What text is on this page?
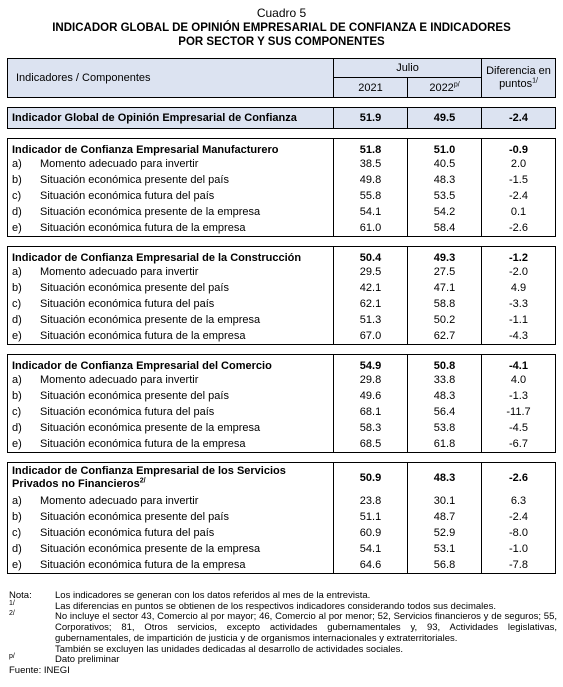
Cuadro 5
INDICADOR GLOBAL DE OPINIÓN EMPRESARIAL DE CONFIANZA E INDICADORES
POR SECTOR Y SUS COMPONENTES
Indicadores / Componentes	Julio		Diferencia en
puntos$^{1/}$
	2021	$2022^{p/}$

Indicador Global de Opinión Empresarial de Confianza	51.9	49.5	-2.4

Indicador de Confianza Empresarial Manufacturero	51.8	51.0	-0.9
a) Momento adecuado para invertir	38.5	40.5	2.0
b) Situación económica presente del país	49.8	48.3	-1.5
c) Situación económica futura del país	55.8	53.5	-2.4
d) Situación económica presente de la empresa	54.1	54.2	0.1
e) Situación económica futura de la empresa	61.0	58.4	-2.6

Indicador de Confianza Empresarial de la Construcción	50.4	49.3	-1.2
a) Momento adecuado para invertir	29.5	27.5	-2.0
b) Situación económica presente del país	42.1	47.1	4.9
c) Situación económica futura del país	62.1	58.8	-3.3
d) Situación económica presente de la empresa	51.3	50.2	-1.1
e) Situación económica futura de la empresa	67.0	62.7	-4.3

Indicador de Confianza Empresarial del Comercio	54.9	50.8	-4.1
a) Momento adecuado para invertir	29.8	33.8	4.0
b) Situación económica presente del país	49.6	48.3	-1.3
c) Situación económica futura del país	68.1	56.4	-11.7
d) Situación económica presente de la empresa	58.3	53.8	-4.5
e) Situación económica futura de la empresa	68.5	61.8	-6.7

Indicador de Confianza Empresarial de los Servicios
Privados no Financieros$^{2/}$	50.9	48.3	-2.6
a) Momento adecuado para invertir	23.8	30.1	6.3
b) Situación económica presente del país	51.1	48.7	-2.4
c) Situación económica futura del país	60.9	52.9	-8.0
d) Situación económica presente de la empresa	54.1	53.1	-1.0
e) Situación económica futura de la empresa	64.6	56.8	-7.8
Nota:	Los indicadores se generan con los datos referidos al mes de la entrevista.
$^{1/}$	Las diferencias en puntos se obtienen de los respectivos indicadores considerando todos sus decimales.
$^{2/}$	No incluye el sector 43, Comercio al por mayor; 46, Comercio al por menor; 52, Servicios financieros y de seguros; 55, Corporativos; 81, Otros servicios, excepto actividades gubernamentales y, 93, Actividades legislativas, gubernamentales, de impartición de justicia y de organismos internacionales y extraterritoriales.
También se excluyen las unidades dedicadas al desarrollo de actividades sociales.
$^{p/}$	Dato preliminar
Fuente: INEGI
